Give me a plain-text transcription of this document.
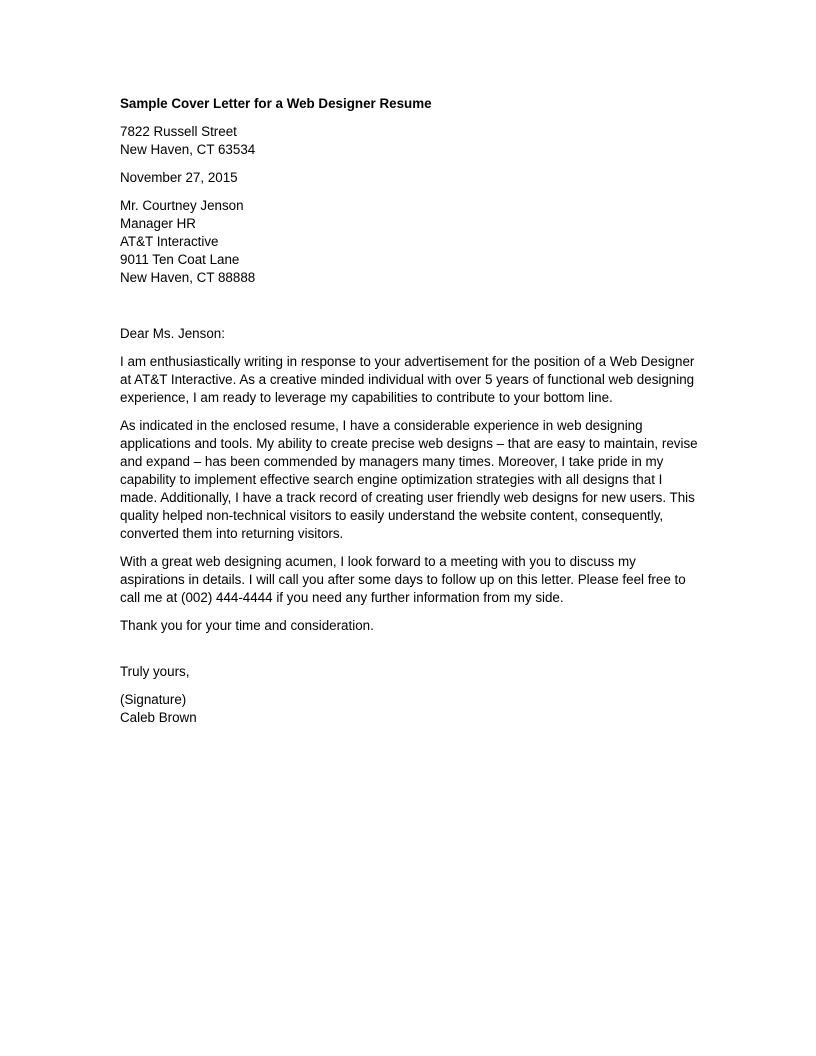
Sample Cover Letter for a Web Designer Resume
7822 Russell Street
New Haven, CT 63534
November 27, 2015
Mr. Courtney Jenson
Manager HR
AT&T Interactive
9011 Ten Coat Lane
New Haven, CT 88888
Dear Ms. Jenson:
I am enthusiastically writing in response to your advertisement for the position of a Web Designer
at AT&T Interactive. As a creative minded individual with over 5 years of functional web designing
experience, I am ready to leverage my capabilities to contribute to your bottom line.
As indicated in the enclosed resume, I have a considerable experience in web designing
applications and tools. My ability to create precise web designs – that are easy to maintain, revise
and expand – has been commended by managers many times. Moreover, I take pride in my
capability to implement effective search engine optimization strategies with all designs that I
made. Additionally, I have a track record of creating user friendly web designs for new users. This
quality helped non-technical visitors to easily understand the website content, consequently,
converted them into returning visitors.
With a great web designing acumen, I look forward to a meeting with you to discuss my
aspirations in details. I will call you after some days to follow up on this letter. Please feel free to
call me at (002) 444-4444 if you need any further information from my side.
Thank you for your time and consideration.
Truly yours,
(Signature)
Caleb Brown
